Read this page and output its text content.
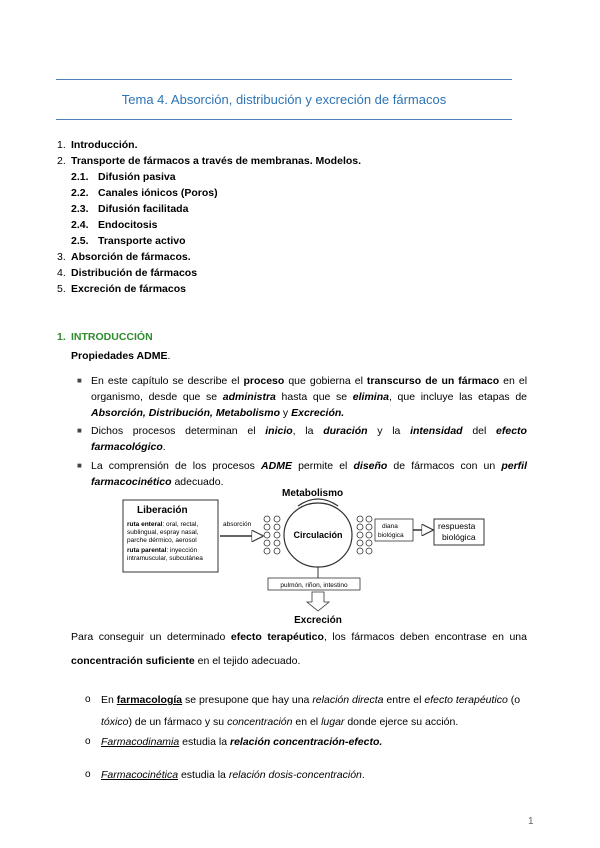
Tema 4. Absorción, distribución y excreción de fármacos
1. Introducción.
2. Transporte de fármacos a través de membranas. Modelos.
2.1. Difusión pasiva
2.2. Canales iónicos (Poros)
2.3. Difusión facilitada
2.4. Endocitosis
2.5. Transporte activo
3. Absorción de fármacos.
4. Distribución de fármacos
5. Excreción de fármacos
1. INTRODUCCIÓN
Propiedades ADME.
■ En este capítulo se describe el proceso que gobierna el transcurso de un fármaco en el organismo, desde que se administra hasta que se elimina, que incluye las etapas de Absorción, Distribución, Metabolismo y Excreción.
■ Dichos procesos determinan el inicio, la duración y la intensidad del efecto farmacológico.
■ La comprensión de los procesos ADME permite el diseño de fármacos con un perfil farmacocinético adecuado.
Metabolismo
Liberación
ruta enteral: oral, rectal,
sublingual, espray nasal,
parche dérmico, aerosol
ruta parental: inyección
intramuscular, subcutánea
absorción
Circulación
diana
biológica
respuesta
biológica
pulmón, riñon, intestino
Excreción
Para conseguir un determinado efecto terapéutico, los fármacos deben encontrase en una concentración suficiente en el tejido adecuado.
o En farmacología se presupone que hay una relación directa entre el efecto terapéutico (o tóxico) de un fármaco y su concentración en el lugar donde ejerce su acción.
o Farmacodinamia estudia la relación concentración-efecto.
o Farmacocinética estudia la relación dosis-concentración.
1
